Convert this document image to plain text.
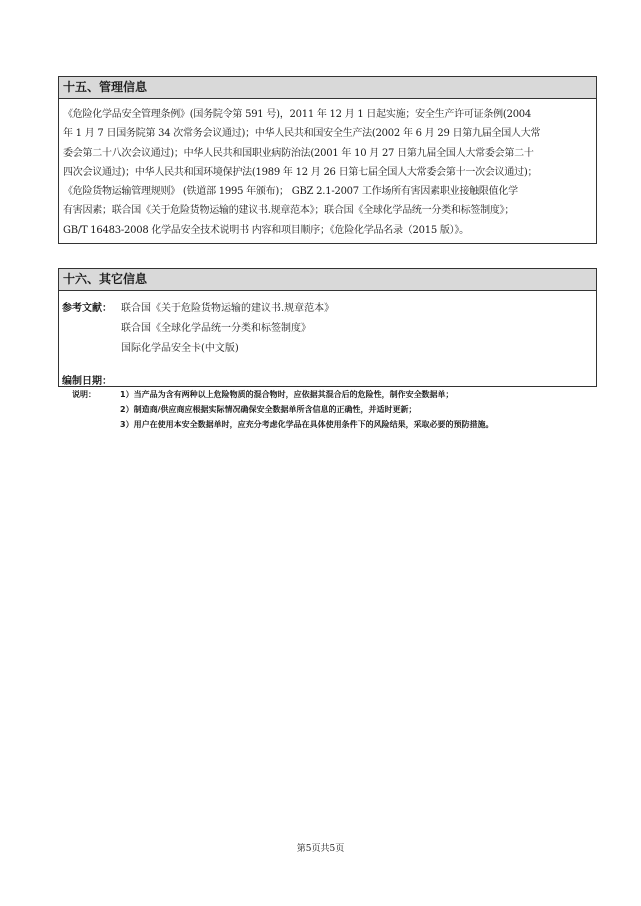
十五、管理信息
《危险化学品安全管理条例》(国务院令第 591 号)，2011 年 12 月 1 日起实施；安全生产许可证条例(2004
年 1 月 7 日国务院第 34 次常务会议通过)；中华人民共和国安全生产法(2002 年 6 月 29 日第九届全国人大常
委会第二十八次会议通过)；中华人民共和国职业病防治法(2001 年 10 月 27 日第九届全国人大常委会第二十
四次会议通过)；中华人民共和国环境保护法(1989 年 12 月 26 日第七届全国人大常委会第十一次会议通过)；
《危险货物运输管理规则》 (铁道部 1995 年颁布)； GBZ 2.1-2007 工作场所有害因素职业接触限值化学
有害因素；联合国《关于危险货物运输的建议书.规章范本》；联合国《全球化学品统一分类和标签制度》；
GB/T 16483-2008 化学品安全技术说明书 内容和项目顺序；《危险化学品名录（2015 版）》。
十六、其它信息
参考文献： 联合国《关于危险货物运输的建议书.规章范本》
联合国《全球化学品统一分类和标签制度》
国际化学品安全卡(中文版)
编制日期：
说明：	1）当产品为含有两种以上危险物质的混合物时，应依据其混合后的危险性，制作安全数据单；
2）制造商/供应商应根据实际情况确保安全数据单所含信息的正确性，并适时更新；
3）用户在使用本安全数据单时，应充分考虑化学品在具体使用条件下的风险结果，采取必要的预防措施。
第5页共5页
